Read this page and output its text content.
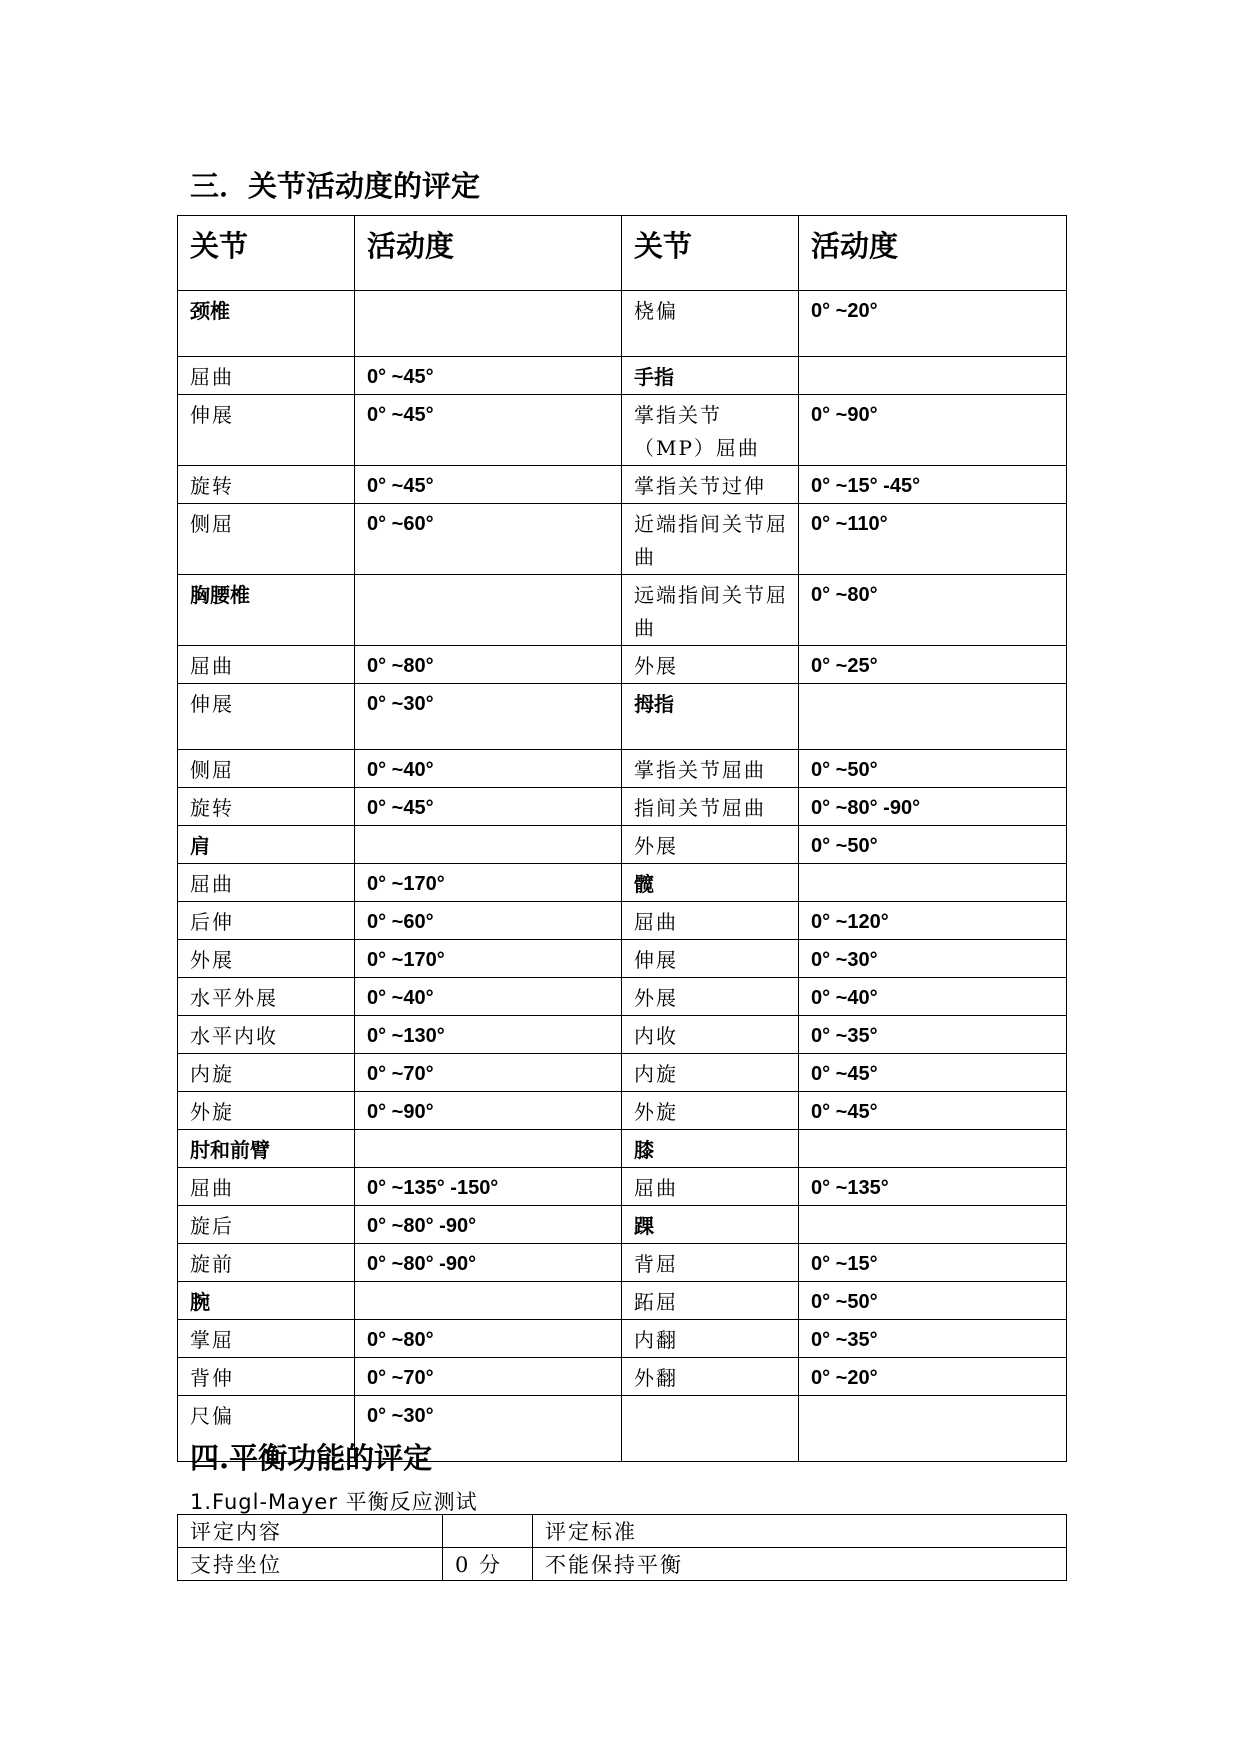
三．关节活动度的评定
关节	活动度	关节	活动度
颈椎		桡偏	0° ~20°
屈曲	0° ~45°	手指	
伸展	0° ~45°	掌指关节（MP）屈曲	0° ~90°
旋转	0° ~45°	掌指关节过伸	0° ~15° -45°
侧屈	0° ~60°	近端指间关节屈曲	0° ~110°
胸腰椎		远端指间关节屈曲	0° ~80°
屈曲	0° ~80°	外展	0° ~25°
伸展	0° ~30°	拇指	
侧屈	0° ~40°	掌指关节屈曲	0° ~50°
旋转	0° ~45°	指间关节屈曲	0° ~80° -90°
肩		外展	0° ~50°
屈曲	0° ~170°	髋	
后伸	0° ~60°	屈曲	0° ~120°
外展	0° ~170°	伸展	0° ~30°
水平外展	0° ~40°	外展	0° ~40°
水平内收	0° ~130°	内收	0° ~35°
内旋	0° ~70°	内旋	0° ~45°
外旋	0° ~90°	外旋	0° ~45°
肘和前臂		膝	
屈曲	0° ~135° -150°	屈曲	0° ~135°
旋后	0° ~80° -90°	踝	
旋前	0° ~80° -90°	背屈	0° ~15°
腕		跖屈	0° ~50°
掌屈	0° ~80°	内翻	0° ~35°
背伸	0° ~70°	外翻	0° ~20°
尺偏	0° ~30°		
四.平衡功能的评定
1.Fugl-Mayer 平衡反应测试
评定内容		评定标准
支持坐位	0 分	不能保持平衡
